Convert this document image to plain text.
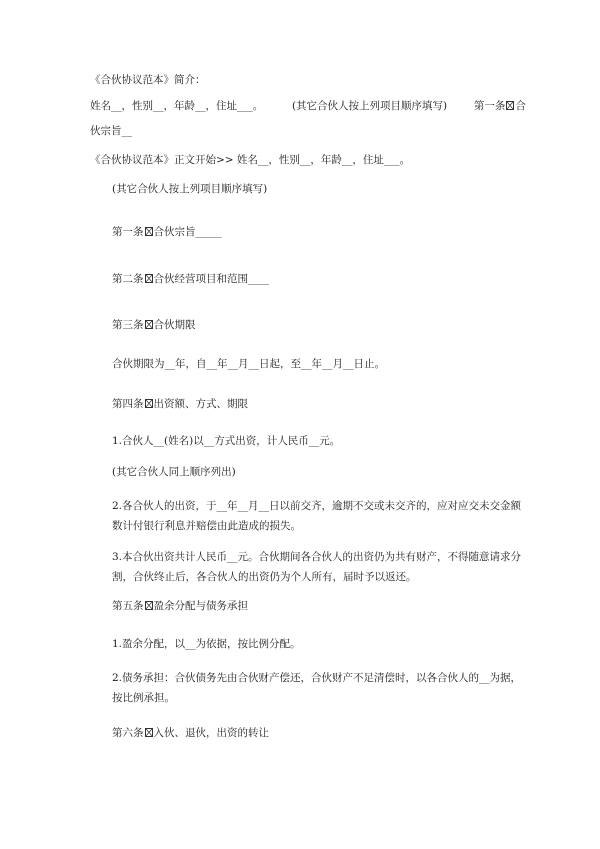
《合伙协议范本》简介：
姓名__，性别__，年龄__，住址___。	(其它合伙人按上列项目顺序填写)	第一条 合
伙宗旨__
《合伙协议范本》正文开始>> 姓名__，性别__，年龄__，住址___。
(其它合伙人按上列项目顺序填写)
第一条 合伙宗旨_____
第二条 合伙经营项目和范围____
第三条 合伙期限
合伙期限为__年，自__年__月__日起，至__年__月__日止。
第四条 出资额、方式、期限
1.合伙人__(姓名)以__方式出资，计人民币__元。
(其它合伙人同上顺序列出)
2.各合伙人的出资，于__年__月__日以前交齐，逾期不交或未交齐的，应对应交未交金额数计付银行利息并赔偿由此造成的损失。
3.本合伙出资共计人民币__元。合伙期间各合伙人的出资仍为共有财产，不得随意请求分割，合伙终止后，各合伙人的出资仍为个人所有，届时予以返还。
第五条 盈余分配与债务承担
1.盈余分配，以__为依据，按比例分配。
2.债务承担：合伙债务先由合伙财产偿还，合伙财产不足清偿时，以各合伙人的__为据，按比例承担。
第六条 入伙、退伙，出资的转让
